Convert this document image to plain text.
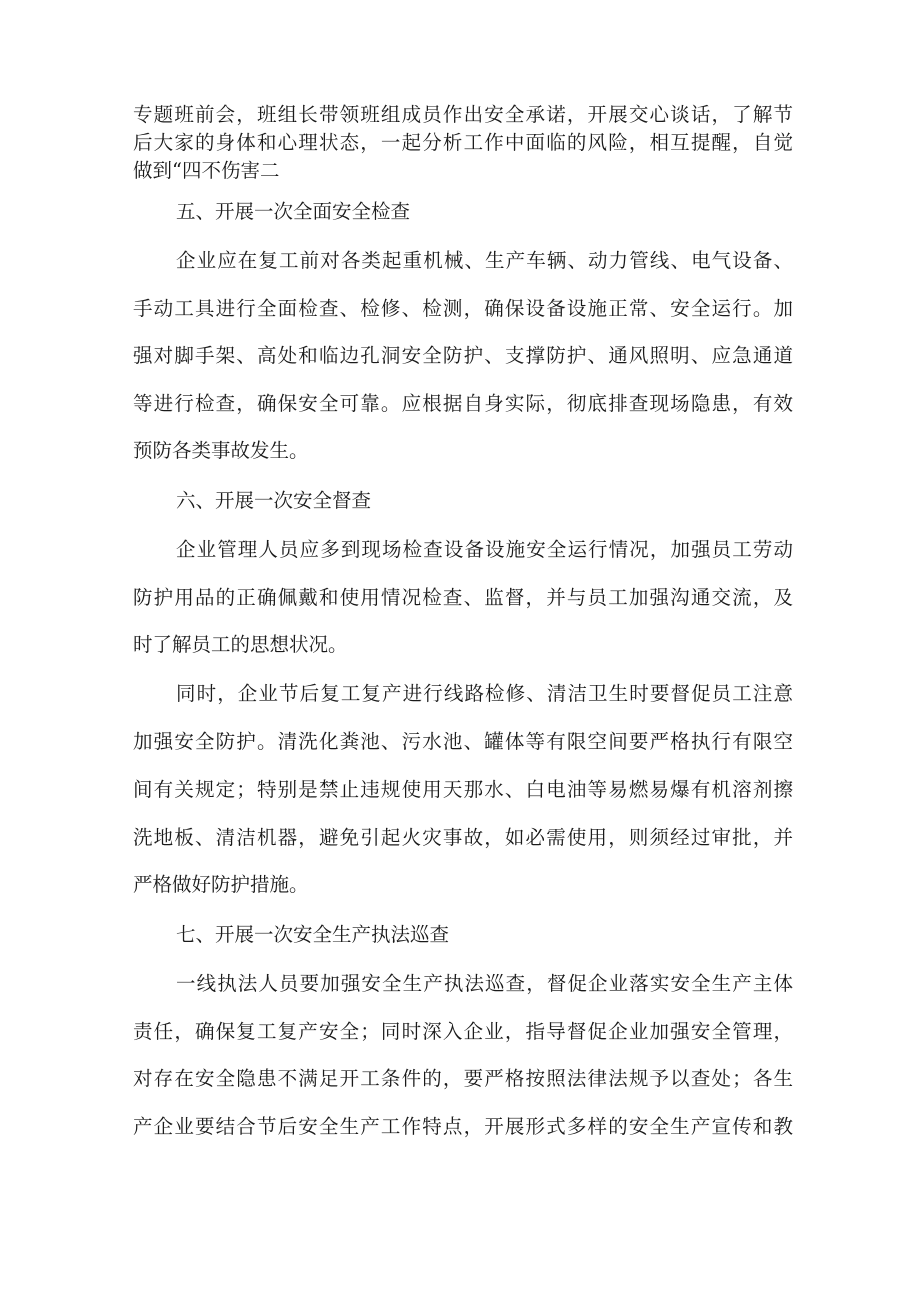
专题班前会，班组长带领班组成员作出安全承诺，开展交心谈话，了解节
后大家的身体和心理状态，一起分析工作中面临的风险，相互提醒，自觉
做到“四不伤害二
五、开展一次全面安全检查
企业应在复工前对各类起重机械、生产车辆、动力管线、电气设备、
手动工具进行全面检查、检修、检测，确保设备设施正常、安全运行。加
强对脚手架、高处和临边孔洞安全防护、支撑防护、通风照明、应急通道
等进行检查，确保安全可靠。应根据自身实际，彻底排查现场隐患，有效
预防各类事故发生。
六、开展一次安全督查
企业管理人员应多到现场检查设备设施安全运行情况，加强员工劳动
防护用品的正确佩戴和使用情况检查、监督，并与员工加强沟通交流，及
时了解员工的思想状况。
同时，企业节后复工复产进行线路检修、清洁卫生时要督促员工注意
加强安全防护。清洗化粪池、污水池、罐体等有限空间要严格执行有限空
间有关规定；特别是禁止违规使用天那水、白电油等易燃易爆有机溶剂擦
洗地板、清洁机器，避免引起火灾事故，如必需使用，则须经过审批，并
严格做好防护措施。
七、开展一次安全生产执法巡查
一线执法人员要加强安全生产执法巡查，督促企业落实安全生产主体
责任，确保复工复产安全；同时深入企业，指导督促企业加强安全管理，
对存在安全隐患不满足开工条件的，要严格按照法律法规予以查处；各生
产企业要结合节后安全生产工作特点，开展形式多样的安全生产宣传和教
